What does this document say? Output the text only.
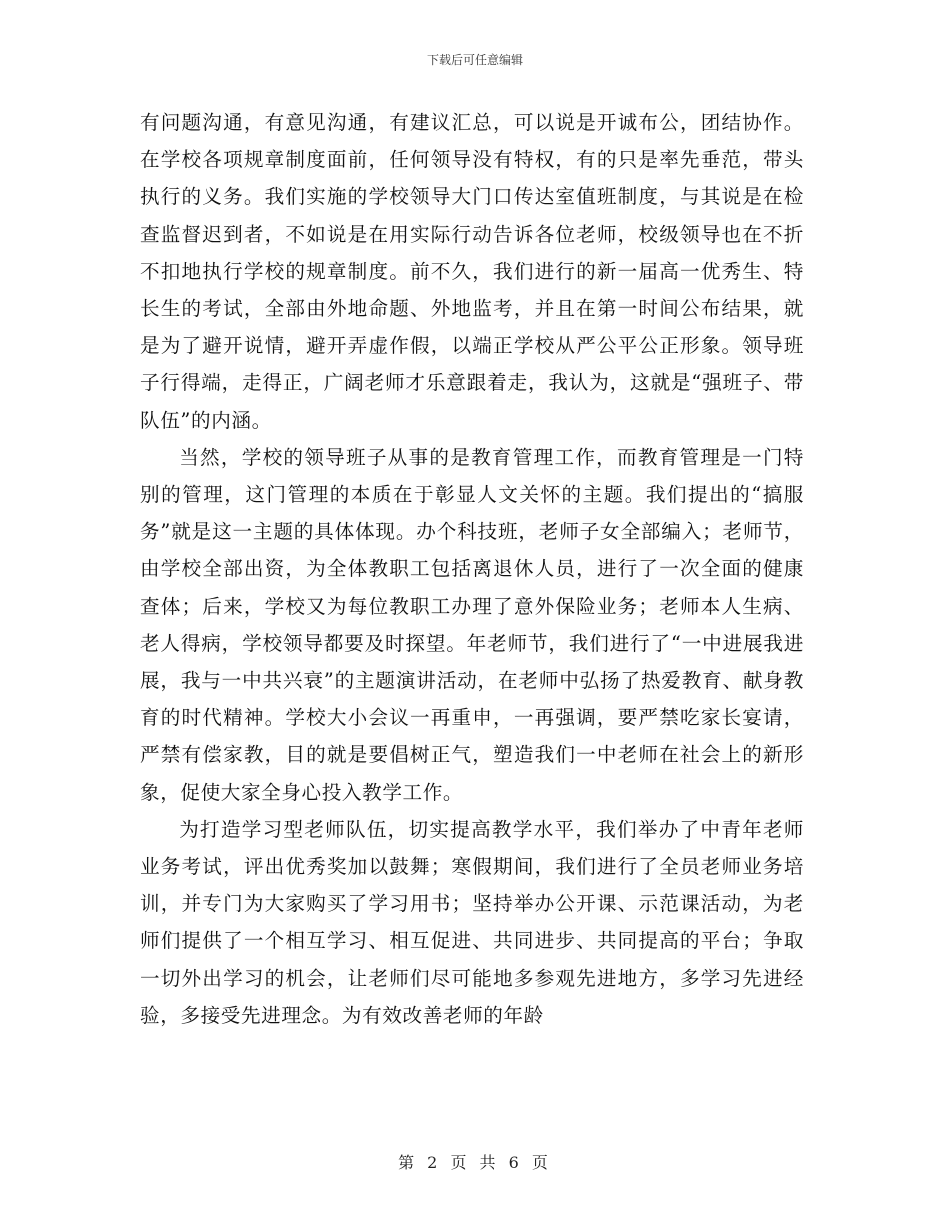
下载后可任意编辑

有问题沟通，有意见沟通，有建议汇总，可以说是开诚布公，团结协作。在学校各项规章制度面前，任何领导没有特权，有的只是率先垂范，带头执行的义务。我们实施的学校领导大门口传达室值班制度，与其说是在检查监督迟到者，不如说是在用实际行动告诉各位老师，校级领导也在不折不扣地执行学校的规章制度。前不久，我们进行的新一届高一优秀生、特长生的考试，全部由外地命题、外地监考，并且在第一时间公布结果，就是为了避开说情，避开弄虚作假，以端正学校从严公平公正形象。领导班子行得端，走得正，广阔老师才乐意跟着走，我认为，这就是“强班子、带队伍”的内涵。

当然，学校的领导班子从事的是教育管理工作，而教育管理是一门特别的管理，这门管理的本质在于彰显人文关怀的主题。我们提出的“搞服务”就是这一主题的具体体现。办个科技班，老师子女全部编入；老师节，由学校全部出资，为全体教职工包括离退休人员，进行了一次全面的健康查体；后来，学校又为每位教职工办理了意外保险业务；老师本人生病、老人得病，学校领导都要及时探望。年老师节，我们进行了“一中进展我进展，我与一中共兴衰”的主题演讲活动，在老师中弘扬了热爱教育、献身教育的时代精神。学校大小会议一再重申，一再强调，要严禁吃家长宴请，严禁有偿家教，目的就是要倡树正气，塑造我们一中老师在社会上的新形象，促使大家全身心投入教学工作。

为打造学习型老师队伍，切实提高教学水平，我们举办了中青年老师业务考试，评出优秀奖加以鼓舞；寒假期间，我们进行了全员老师业务培训，并专门为大家购买了学习用书；坚持举办公开课、示范课活动，为老师们提供了一个相互学习、相互促进、共同进步、共同提高的平台；争取一切外出学习的机会，让老师们尽可能地多参观先进地方，多学习先进经验，多接受先进理念。为有效改善老师的年龄

第 2 页 共 6 页
